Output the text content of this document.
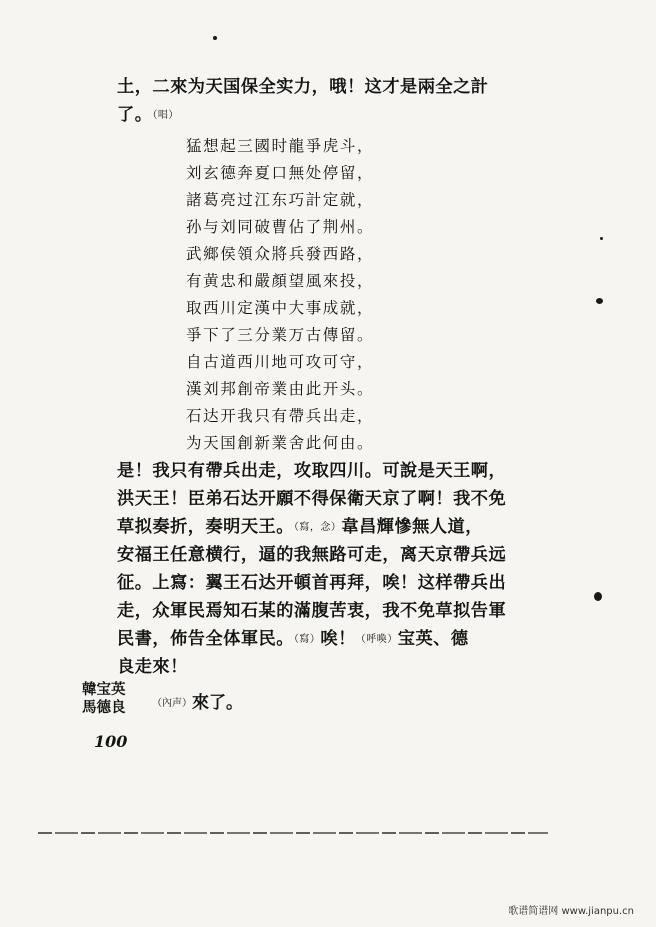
土，二來为天国保全实力，哦！这才是兩全之計
了。（唱）
猛想起三國时龍爭虎斗，
刘玄德奔夏口無处停留，
諸葛亮过江东巧計定就，
孙与刘同破曹佔了荆州。
武鄉侯領众將兵發西路，
有黄忠和嚴顏望風來投，
取西川定漢中大事成就，
爭下了三分業万古傳留。
自古道西川地可攻可守，
漢刘邦創帝業由此开头。
石达开我只有帶兵出走，
为天国創新業舍此何由。
是！我只有帶兵出走，攻取四川。可說是天王啊，
洪天王！臣弟石达开願不得保衛天京了啊！我不免
草拟奏折，奏明天王。（寫，念）韋昌輝慘無人道，
安福王任意横行，逼的我無路可走，离天京帶兵远
征。上寫：翼王石达开頓首再拜，唉！这样帶兵出
走，众軍民焉知石某的滿腹苦衷，我不免草拟告軍
民書，佈告全体軍民。（寫）唉！（呼喚）宝英、德
良走來！
韓宝英
馬德良	（內声）來了。
100
歌谱简谱网 www.jianpu.cn
